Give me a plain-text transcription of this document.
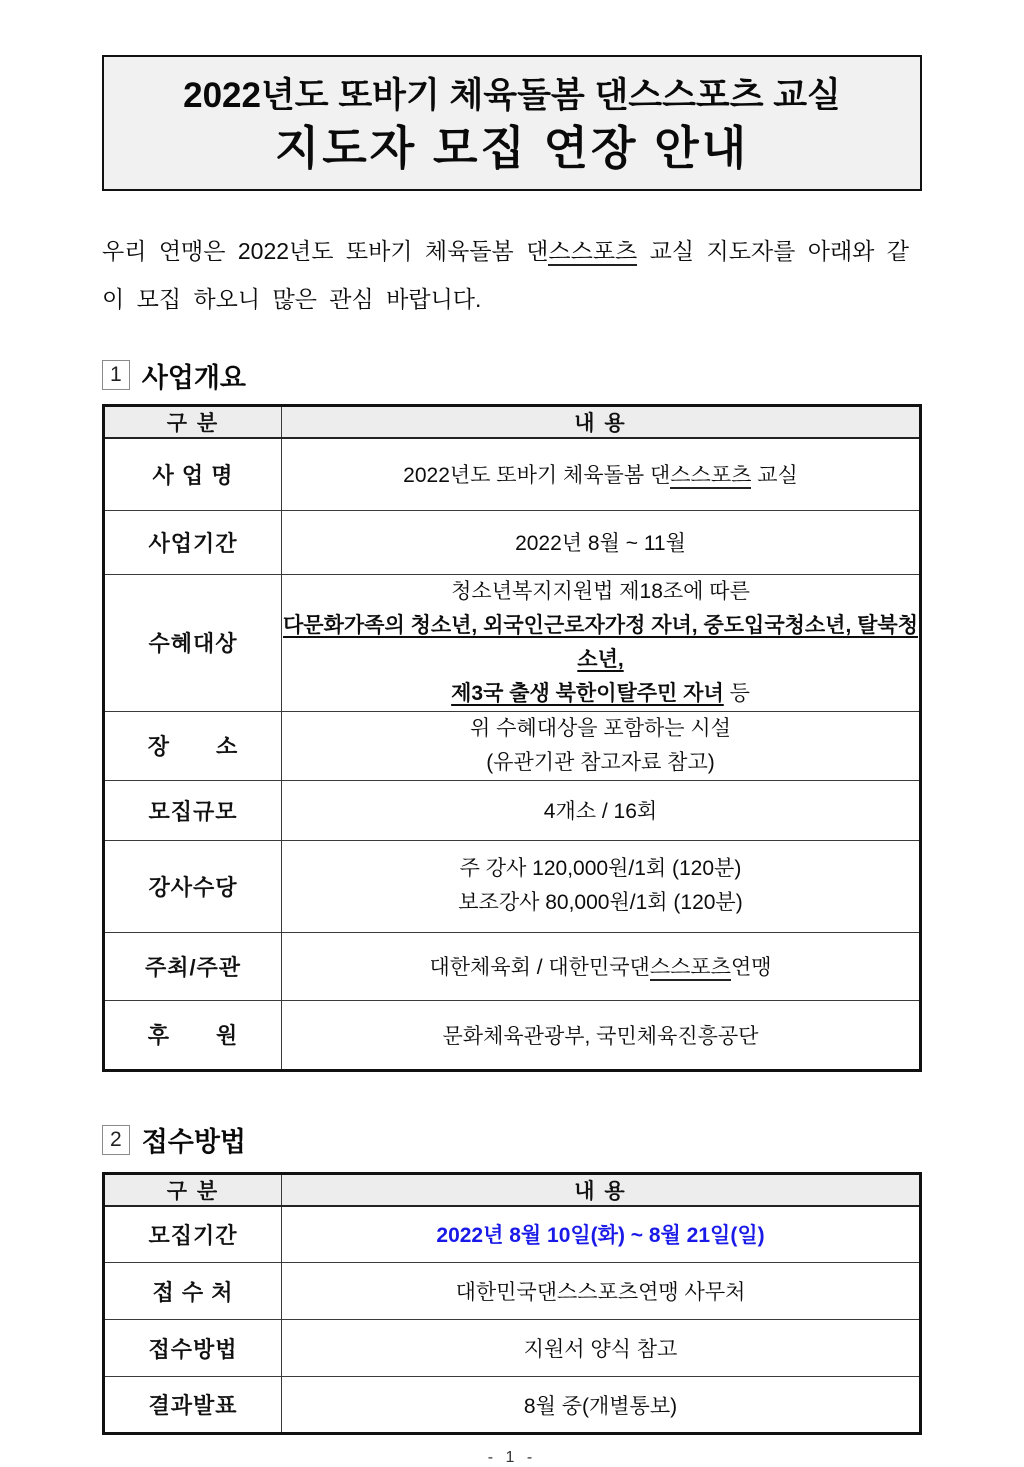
2022년도 또바기 체육돌봄 댄스스포츠 교실
지도자 모집 연장 안내

우리 연맹은 2022년도 또바기 체육돌봄 댄스스포츠 교실 지도자를 아래와 같
이 모집 하오니 많은 관심 바랍니다.

1 사업개요
구 분	내 용
사 업 명	2022년도 또바기 체육돌봄 댄스스포츠 교실
사업기간	2022년 8월 ~ 11월
수혜대상	청소년복지지원법 제18조에 따른
다문화가족의 청소년, 외국인근로자가정 자녀, 중도입국청소년, 탈북청소년,
제3국 출생 북한이탈주민 자녀 등

장　　소	위 수혜대상을 포함하는 시설
(유관기관 참고자료 참고)

모집규모	4개소 / 16회
강사수당	주 강사 120,000원/1회 (120분)
보조강사 80,000원/1회 (120분)

주최/주관	대한체육회 / 대한민국댄스스포츠연맹
후　　원	문화체육관광부, 국민체육진흥공단
2 접수방법
구 분	내 용
모집기간	2022년 8월 10일(화) ~ 8월 21일(일)
접 수 처	대한민국댄스스포츠연맹 사무처
접수방법	지원서 양식 참고
결과발표	8월 중(개별통보)
- 1 -
